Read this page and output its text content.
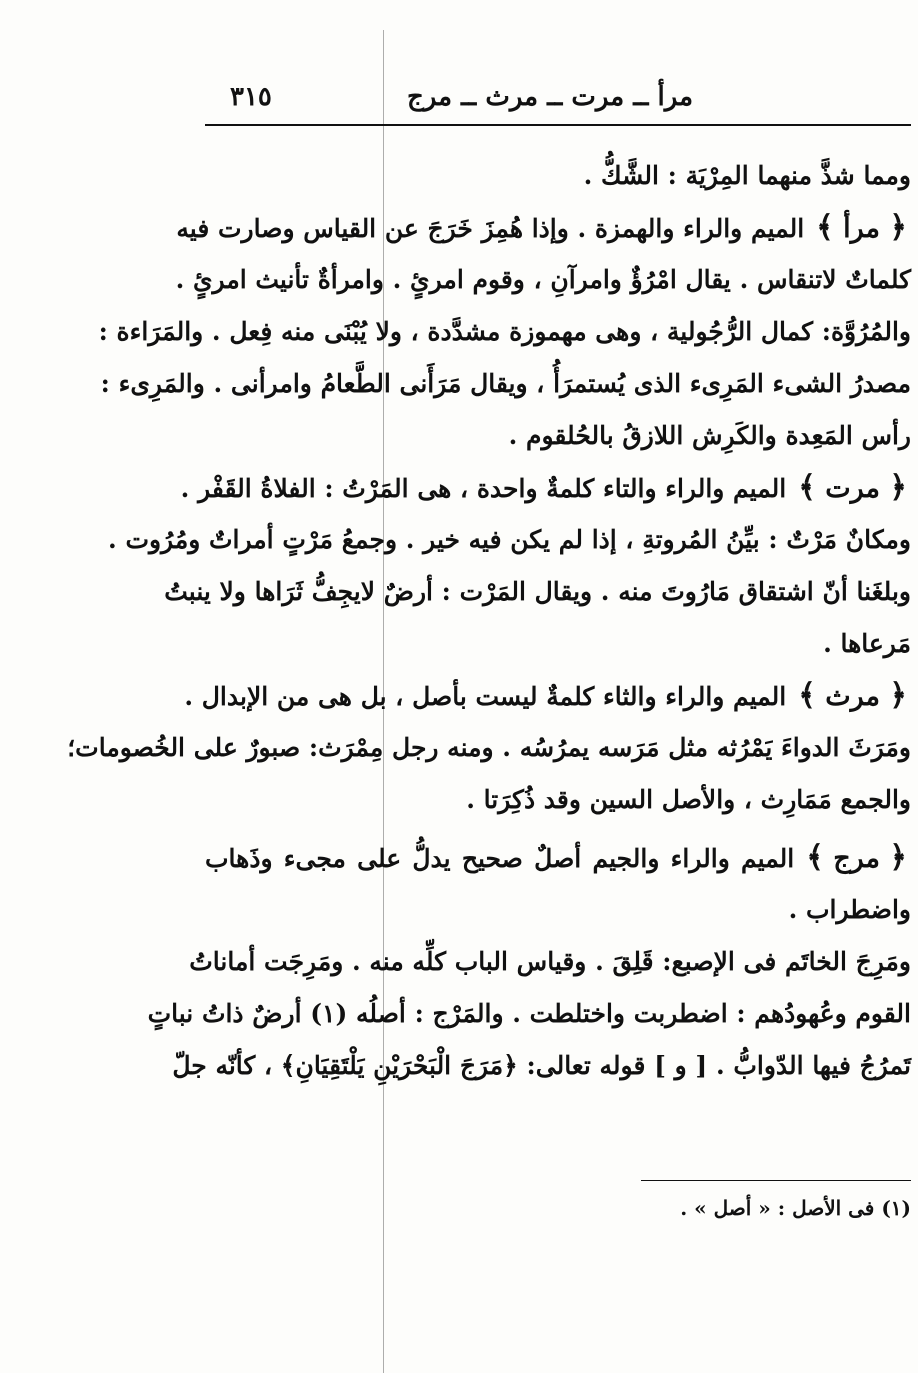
مرأ ــ مرت ــ مرث ــ مرج
٣١٥
ومما شذَّ منهما المِرْيَة : الشَّكُّ .
﴿ مرأ ﴾الميم والراء والهمزة . وإذا هُمِزَ خَرَجَ عن القياس وصارت فيه
كلماتٌ لاتنقاس . يقال امْرُؤٌ وامرآنِ ، وقوم امرئٍ . وامرأةٌ تأنيث امرئٍ .
والمُرُوَّة: كمال الرُّجُولية ، وهى مهموزة مشدَّدة ، ولا يُبْنَى منه فِعل . والمَرَاءة :
مصدرُ الشىء المَرِىء الذى يُستمرَأُ ، ويقال مَرَأَنى الطَّعامُ وامرأنى . والمَرِىء :
رأس المَعِدة والكَرِش اللازقُ بالحُلقوم .
﴿ مرت ﴾الميم والراء والتاء كلمةٌ واحدة ، هى المَرْتُ : الفلاةُ القَفْر .
ومكانٌ مَرْتٌ : بيِّنُ المُروتةِ ، إذا لم يكن فيه خير . وجمعُ مَرْتٍ أمراتٌ ومُرُوت .
وبلغَنا أنّ اشتقاق مَارُوتَ منه . ويقال المَرْت : أرضٌ لايجِفُّ ثَرَاها ولا ينبتُ
مَرعاها .
﴿ مرث ﴾الميم والراء والثاء كلمةٌ ليست بأصل ، بل هى من الإبدال .
ومَرَثَ الدواءَ يَمْرُثه مثل مَرَسه يمرُسُه . ومنه رجل مِمْرَث: صبورٌ على الخُصومات؛
والجمع مَمَارِث ، والأصل السين وقد ذُكِرَتا .
﴿ مرج ﴾الميم والراء والجيم أصلٌ صحيح يدلُّ على مجىء وذَهاب
واضطراب .
ومَرِجَ الخاتَم فى الإصبع: قَلِقَ . وقياس الباب كلِّه منه . ومَرِجَت أماناتُ
القوم وعُهودُهم : اضطربت واختلطت . والمَرْج : أصلُه (١) أرضٌ ذاتُ نباتٍ
تَمرُجُ فيها الدّوابُّ . [ و ] قوله تعالى: ﴿مَرَجَ الْبَحْرَيْنِ يَلْتَقِيَانِ﴾ ، كأنّه جلّ
(١) فى الأصل : « أصل » .
